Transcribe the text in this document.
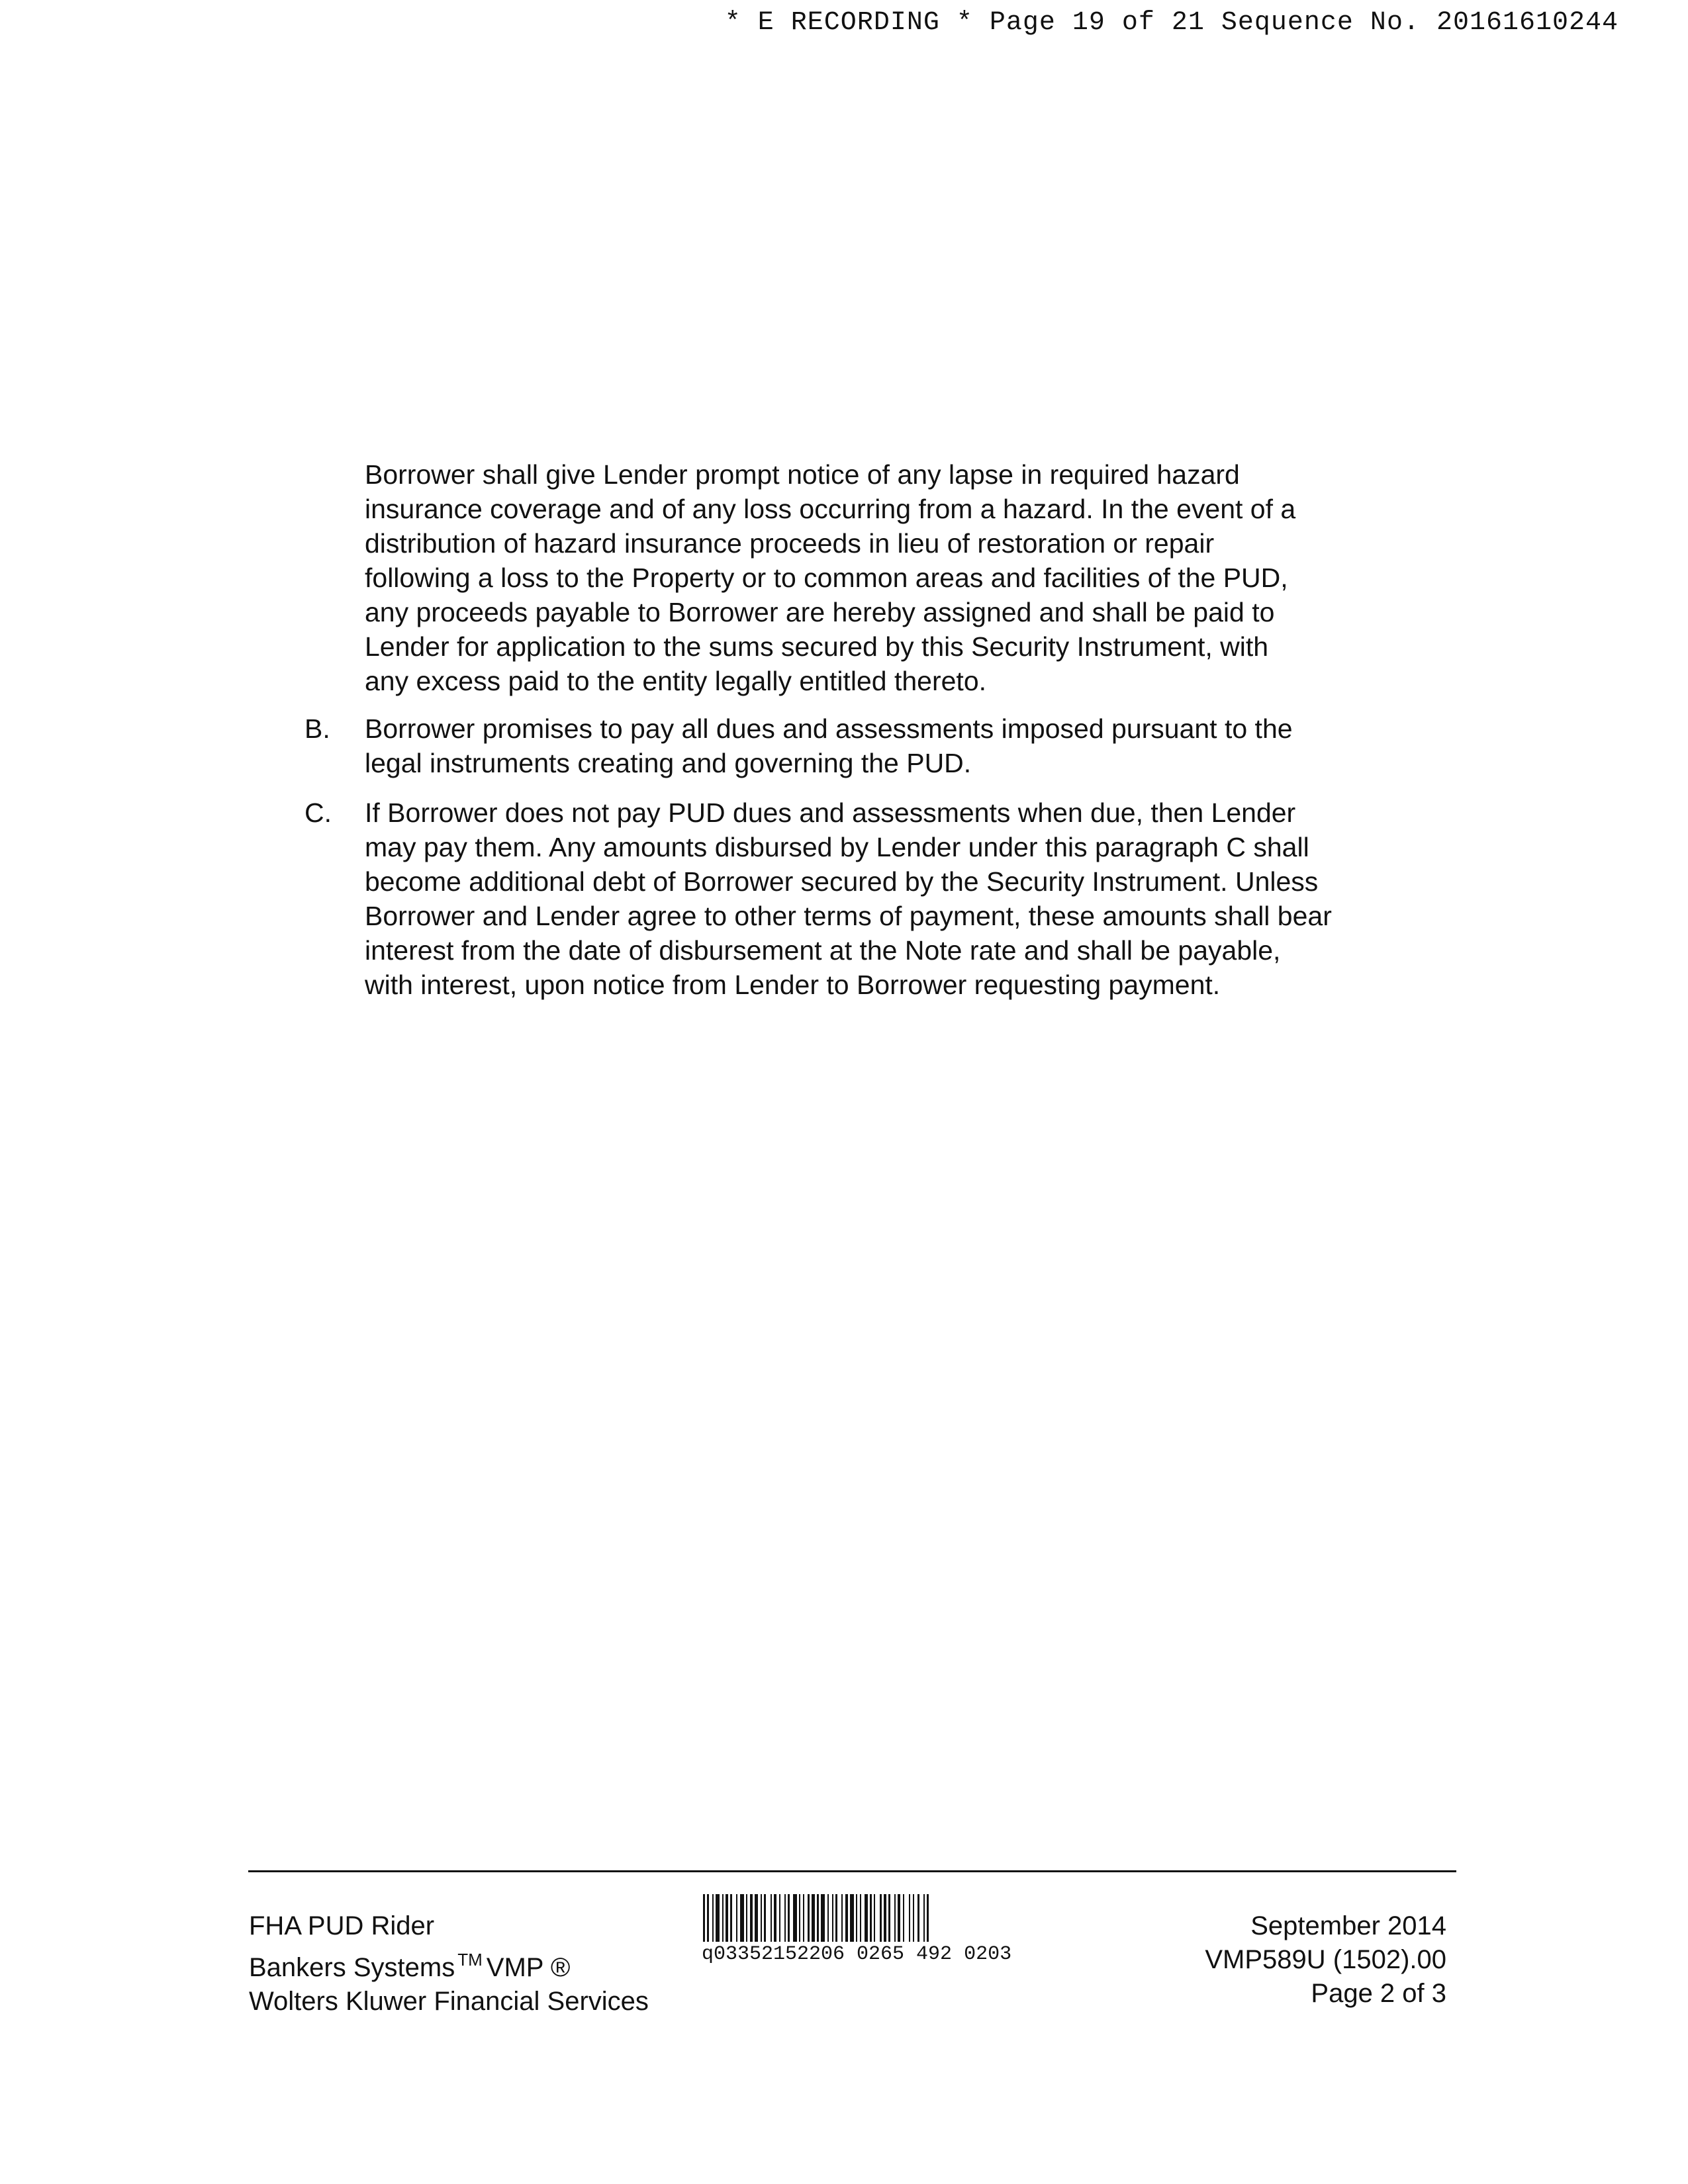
* E RECORDING * Page 19 of 21 Sequence No. 20161610244
Borrower shall give Lender prompt notice of any lapse in required hazard
insurance coverage and of any loss occurring from a hazard. In the event of a
distribution of hazard insurance proceeds in lieu of restoration or repair
following a loss to the Property or to common areas and facilities of the PUD,
any proceeds payable to Borrower are hereby assigned and shall be paid to
Lender for application to the sums secured by this Security Instrument, with
any excess paid to the entity legally entitled thereto.
B.	Borrower promises to pay all dues and assessments imposed pursuant to the
legal instruments creating and governing the PUD.
C.	If Borrower does not pay PUD dues and assessments when due, then Lender
may pay them. Any amounts disbursed by Lender under this paragraph C shall
become additional debt of Borrower secured by the Security Instrument. Unless
Borrower and Lender agree to other terms of payment, these amounts shall bear
interest from the date of disbursement at the Note rate and shall be payable,
with interest, upon notice from Lender to Borrower requesting payment.
FHA PUD Rider
Bankers Systems ™ VMP ®
Wolters Kluwer Financial Services
q03352152206 0265 492 0203
September 2014
VMP589U (1502).00
Page 2 of 3
